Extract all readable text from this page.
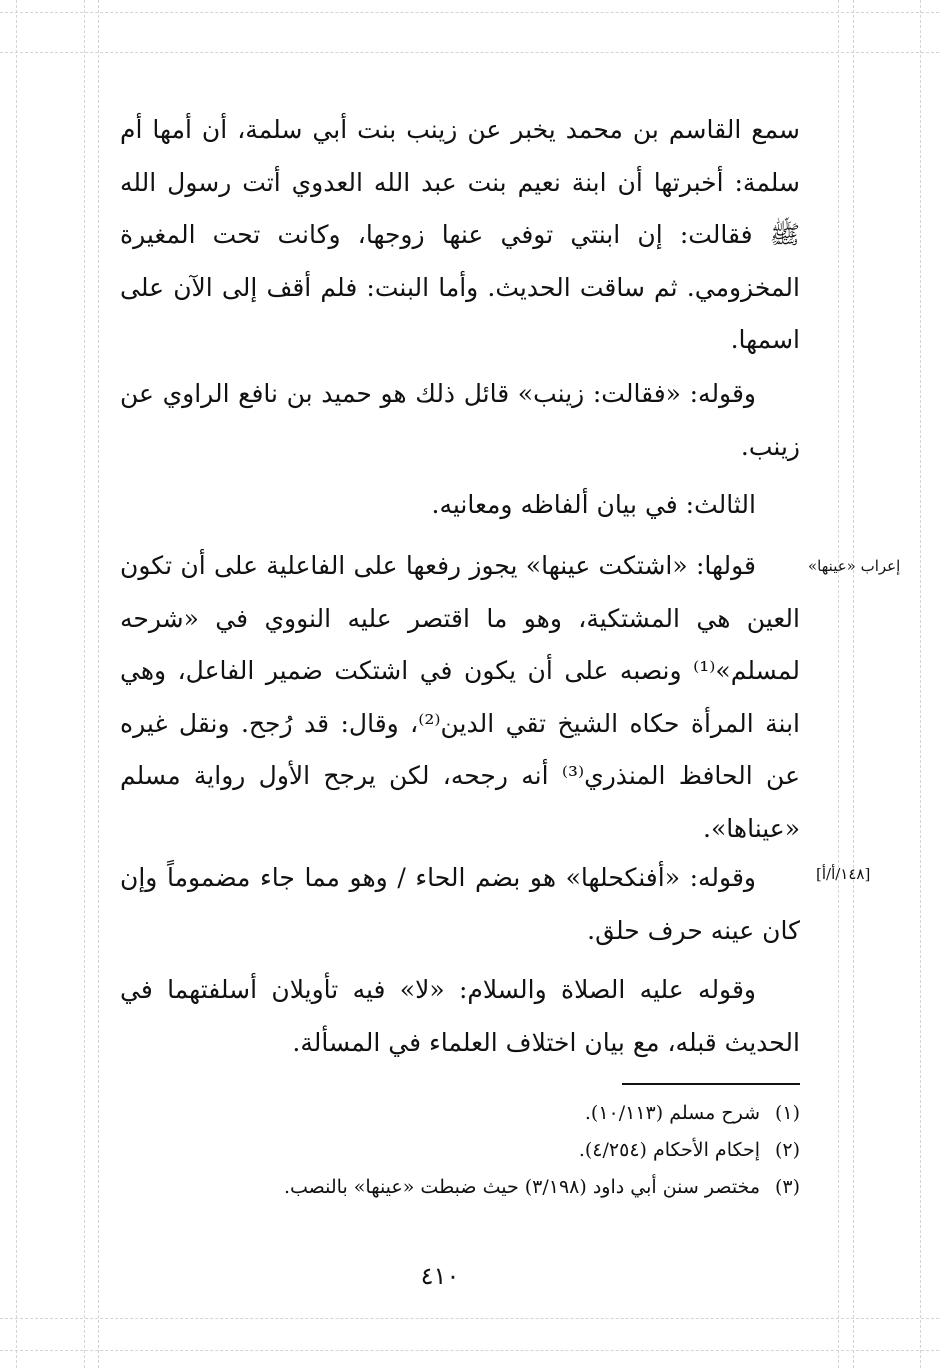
سمع القاسم بن محمد يخبر عن زينب بنت أبي سلمة، أن أمها أم سلمة: أخبرتها أن ابنة نعيم بنت عبد الله العدوي أتت رسول الله ﷺ فقالت: إن ابنتي توفي عنها زوجها، وكانت تحت المغيرة المخزومي. ثم ساقت الحديث. وأما البنت: فلم أقف إلى الآن على اسمها.

وقوله: «فقالت: زينب» قائل ذلك هو حميد بن نافع الراوي عن زينب.

الثالث: في بيان ألفاظه ومعانيه.

إعراب «عينها»

قولها: «اشتكت عينها» يجوز رفعها على الفاعلية على أن تكون العين هي المشتكية، وهو ما اقتصر عليه النووي في «شرحه لمسلم»⁽¹⁾ ونصبه على أن يكون في اشتكت ضمير الفاعل، وهي ابنة المرأة حكاه الشيخ تقي الدين⁽²⁾، وقال: قد رُجح. ونقل غيره عن الحافظ المنذري⁽³⁾ أنه رجحه، لكن يرجح الأول رواية مسلم «عيناها».

[١٤٨/أ/أ]

وقوله: «أفنكحلها» هو بضم الحاء / وهو مما جاء مضموماً وإن كان عينه حرف حلق.

وقوله عليه الصلاة والسلام: «لا» فيه تأويلان أسلفتهما في الحديث قبله، مع بيان اختلاف العلماء في المسألة.

(١)شرح مسلم (١٠/١١٣).

(٢)إحكام الأحكام (٤/٢٥٤).

(٣)مختصر سنن أبي داود (٣/١٩٨) حيث ضبطت «عينها» بالنصب.

٤١٠
